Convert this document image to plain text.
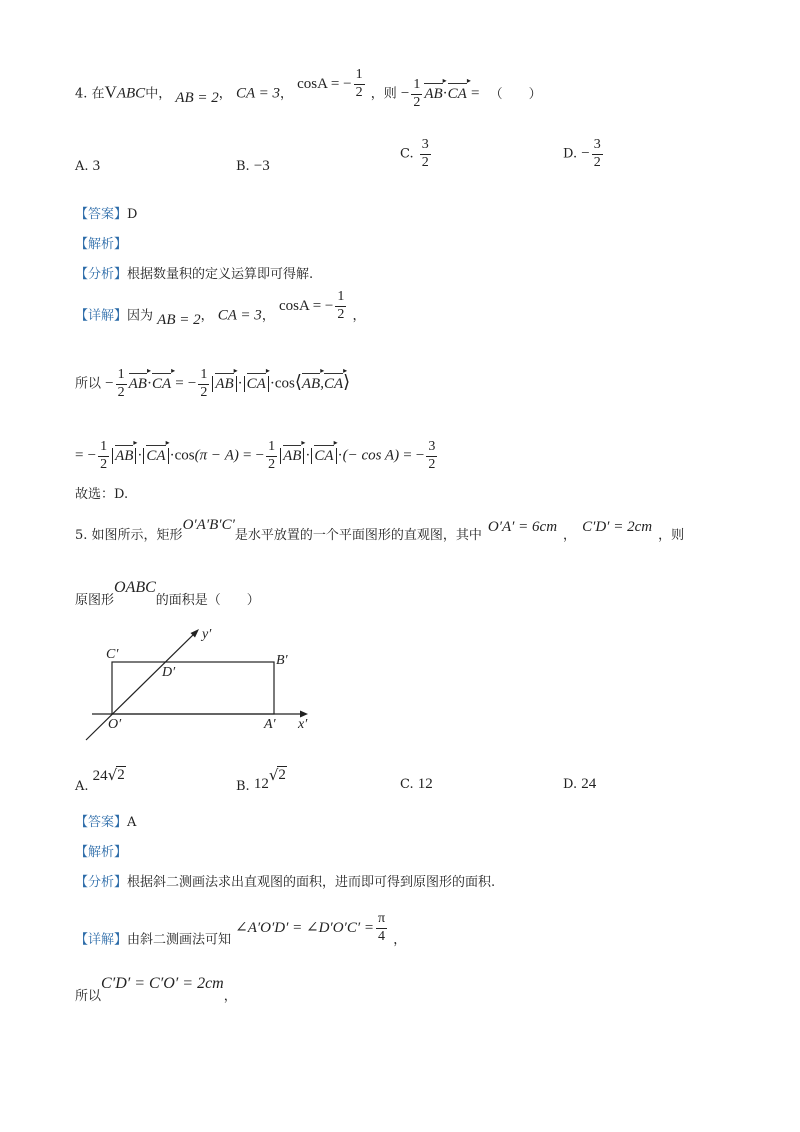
4. 在VABC中， AB = 2， CA = 3， cosA = − $\frac{1}{2}$ ，则 − $\frac{1}{2}$ AB ▸·CA ▸ = （　　）
A. 3	B. −3
C. $\frac{3}{2}$	D. − $\frac{3}{2}$
【答案】D
【解析】
【分析】根据数量积的定义运算即可得解.
【详解】因为 AB = 2， CA = 3， cosA = − $\frac{1}{2}$ ，
所以 − $\frac{1}{2}$ AB ▸·CA ▸ = − $\frac{1}{2}$ AB ▸ · CA ▸ ·cos⟨AB ▸,CA ▸⟩
= − $\frac{1}{2}$ AB ▸ · CA ▸ ·cos(π − A) = − $\frac{1}{2}$ AB ▸ · CA ▸ ·(− cos A) = − $\frac{3}{2}$
故选：D.
5. 如图所示，矩形O′A′B′C′是水平放置的一个平面图形的直观图，其中O′A′ = 6cm，C′D′ = 2cm，则
原图形OABC的面积是（　　）
y′
x′
C′	B′
D′
O′	A′
A. 24 √ 2
B. 12 √ 2
C. 12	D. 24
【答案】A
【解析】
【分析】根据斜二测画法求出直观图的面积，进而即可得到原图形的面积.
【详解】由斜二测画法可知 ∠A′O′D′ = ∠D′O′C′ = $\frac{\pi}{4}$ ，
所以C′D′ = C′O′ = 2cm，
